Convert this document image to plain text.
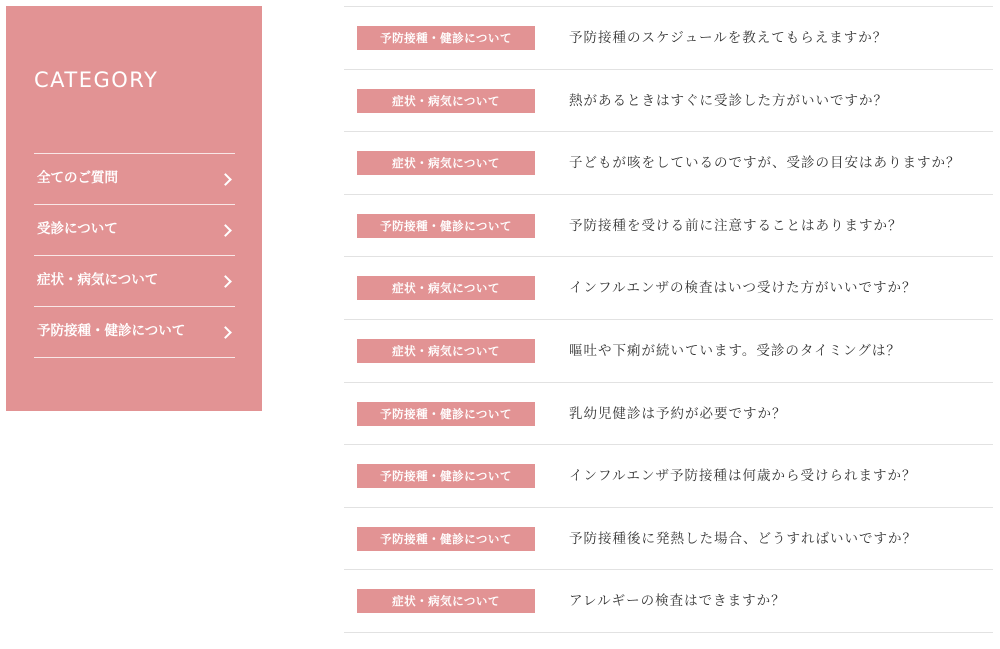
CATEGORY
全てのご質問
受診について
症状・病気について
予防接種・健診について
予防接種・健診について	予防接種のスケジュールを教えてもらえますか？
症状・病気について	熱があるときはすぐに受診した方がいいですか？
症状・病気について	子どもが咳をしているのですが、受診の目安はありますか？
予防接種・健診について	予防接種を受ける前に注意することはありますか？
症状・病気について	インフルエンザの検査はいつ受けた方がいいですか？
症状・病気について	嘔吐や下痢が続いています。受診のタイミングは？
予防接種・健診について	乳幼児健診は予約が必要ですか？
予防接種・健診について	インフルエンザ予防接種は何歳から受けられますか？
予防接種・健診について	予防接種後に発熱した場合、どうすればいいですか？
症状・病気について	アレルギーの検査はできますか？
